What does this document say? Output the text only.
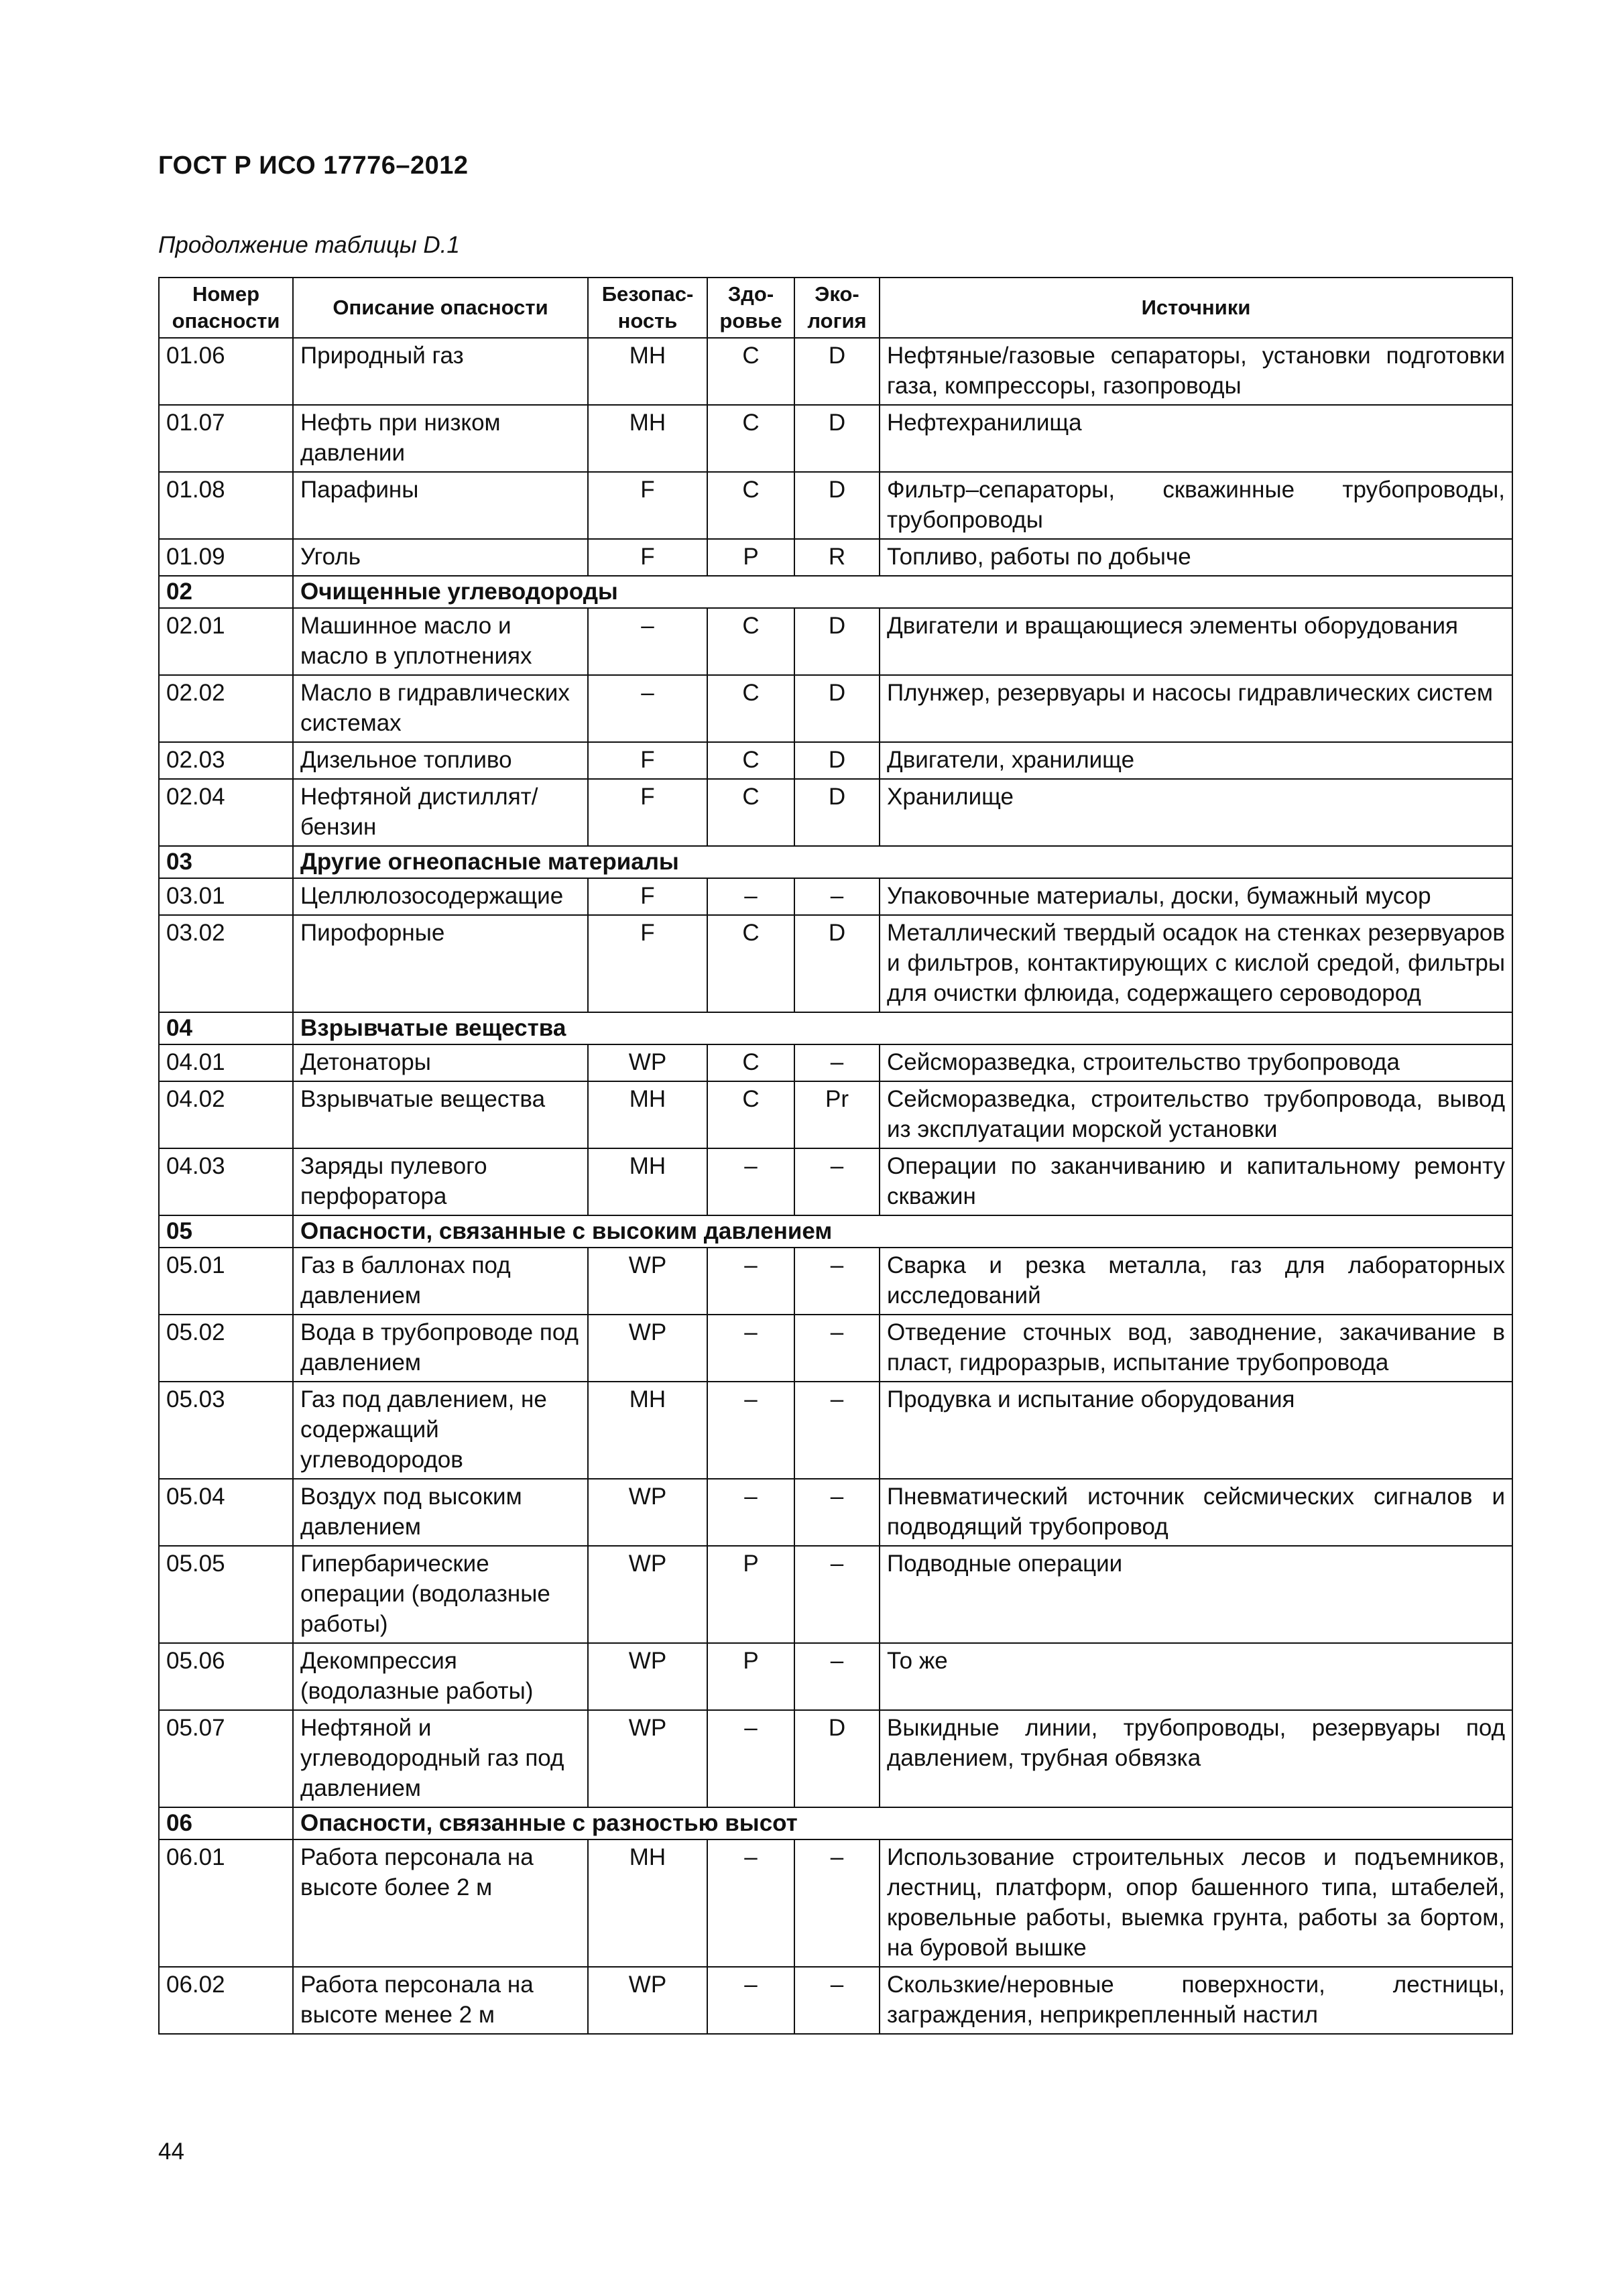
ГОСТ Р ИСО 17776–2012
Продолжение таблицы D.1
Номер опасности	Описание опасности	Безопас-ность	Здо-ровье	Эко-логия	Источники
01.06	Природный газ	MH	C	D	Нефтяные/газовые сепараторы, установки подготовки газа, компрессоры, газопроводы
01.07	Нефть при низком давлении	MH	C	D	Нефтехранилища
01.08	Парафины	F	C	D	Фильтр–сепараторы, скважинные трубопроводы, трубопроводы
01.09	Уголь	F	P	R	Топливо, работы по добыче
02	Очищенные углеводороды				
02.01	Машинное масло и масло в уплотнениях	–	C	D	Двигатели и вращающиеся элементы оборудования
02.02	Масло в гидравлических системах	–	C	D	Плунжер, резервуары и насосы гидравлических систем
02.03	Дизельное топливо	F	C	D	Двигатели, хранилище
02.04	Нефтяной дистиллят/ бензин	F	C	D	Хранилище
03	Другие огнеопасные материалы				
03.01	Целлюлозосодержащие	F	–	–	Упаковочные материалы, доски, бумажный мусор
03.02	Пирофорные	F	C	D	Металлический твердый осадок на стенках резервуаров и фильтров, контактирующих с кислой средой, фильтры для очистки флюида, содержащего сероводород
04	Взрывчатые вещества				
04.01	Детонаторы	WP	C	–	Сейсморазведка, строительство трубопровода
04.02	Взрывчатые вещества	MH	C	Pr	Сейсморазведка, строительство трубопровода, вывод из эксплуатации морской установки
04.03	Заряды пулевого перфоратора	MH	–	–	Операции по заканчиванию и капитальному ремонту скважин
05	Опасности, связанные с высоким давлением				
05.01	Газ в баллонах под давлением	WP	–	–	Сварка и резка металла, газ для лабораторных исследований
05.02	Вода в трубопроводе под давлением	WP	–	–	Отведение сточных вод, заводнение, закачивание в пласт, гидроразрыв, испытание трубопровода
05.03	Газ под давлением, не содержащий углеводородов	MH	–	–	Продувка и испытание оборудования
05.04	Воздух под высоким давлением	WP	–	–	Пневматический источник сейсмических сигналов и подводящий трубопровод
05.05	Гипербарические операции (водолазные работы)	WP	P	–	Подводные операции
05.06	Декомпрессия (водолазные работы)	WP	P	–	То же
05.07	Нефтяной и углеводородный газ под давлением	WP	–	D	Выкидные линии, трубопроводы, резервуары под давлением, трубная обвязка
06	Опасности, связанные с разностью высот				
06.01	Работа персонала на высоте более 2 м	MH	–	–	Использование строительных лесов и подъемников, лестниц, платформ, опор башенного типа, штабелей, кровельные работы, выемка грунта, работы за бортом, на буровой вышке
06.02	Работа персонала на высоте менее 2 м	WP	–	–	Скользкие/неровные поверхности, лестницы, заграждения, неприкрепленный настил
44
